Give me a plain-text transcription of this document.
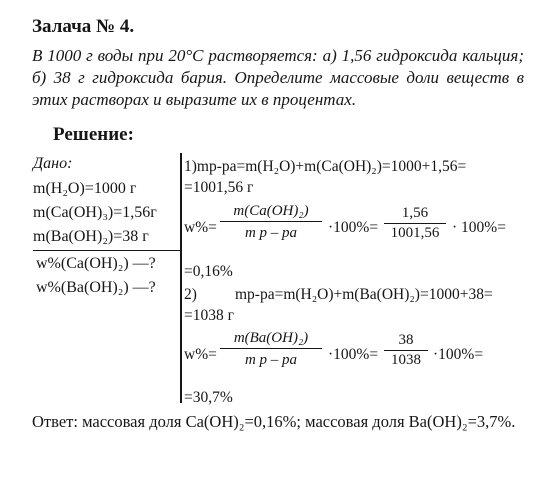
Залача № 4.
В 1000 г воды при 20°С растворяется: а) 1,56 гидроксида кальция; б) 38 г гидроксида бария. Определите массовые доли веществ в этих растворах и выразите их в процентах.
Решение:
Дано:
m(H₂O)=1000 г
m(Ca(OH)₃)=1,56г
m(Ba(OH)₂)=38 г
w%(Ca(OH)₂) —?
w%(Ba(OH)₂) —?
1)mр-ра=m(H₂O)+m(Ca(OH)₂)=1000+1,56=
=1001,56 г
w%=
m(Ca(OH)₂)
m р – ра	·100%=
1,56
1001,56 · 100%=
=0,16%
2) mр-ра=m(H₂O)+m(Ba(OH)₂)=1000+38=
=1038 г
w%=
m(Ba(OH)₂)
m р – ра	·100%=
38
1038 ·100%=
=30,7%
Ответ: массовая доля Ca(OH)₂=0,16%; массовая доля Ba(OH)₂=3,7%.
